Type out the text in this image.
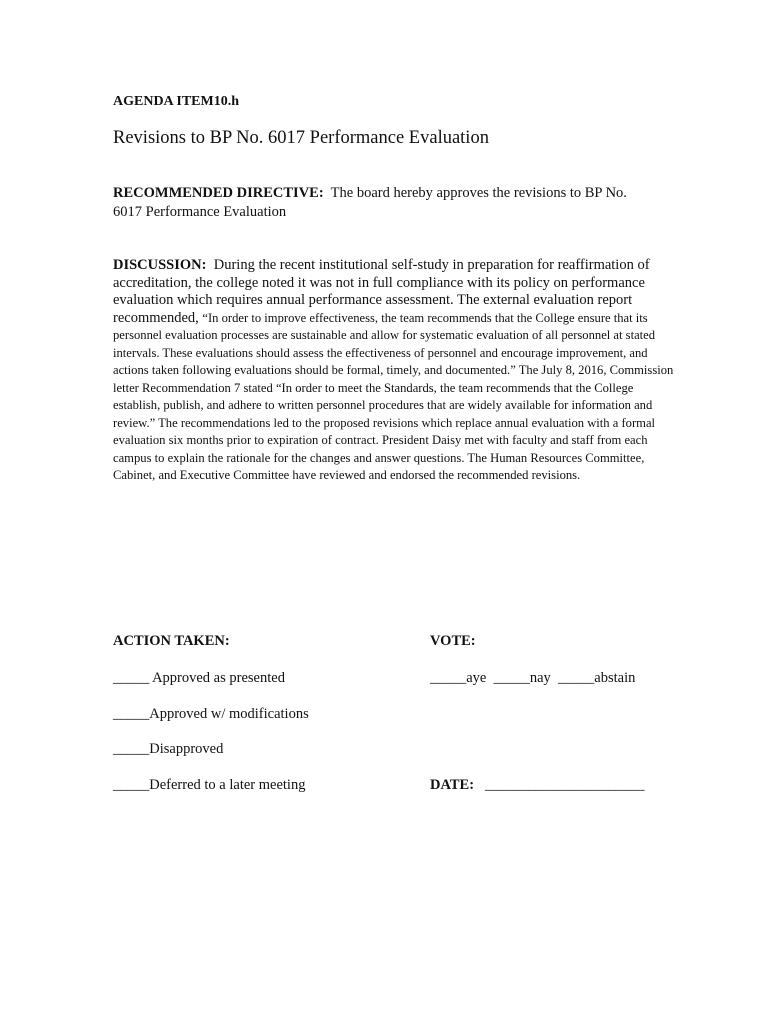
AGENDA ITEM10.h
Revisions to BP No. 6017 Performance Evaluation
RECOMMENDED DIRECTIVE: The board hereby approves the revisions to BP No.
6017 Performance Evaluation
DISCUSSION: During the recent institutional self-study in preparation for reaffirmation of accreditation, the college noted it was not in full compliance with its policy on performance evaluation which requires annual performance assessment. The external evaluation report recommended, “In order to improve effectiveness, the team recommends that the College ensure that its personnel evaluation processes are sustainable and allow for systematic evaluation of all personnel at stated intervals. These evaluations should assess the effectiveness of personnel and encourage improvement, and actions taken following evaluations should be formal, timely, and documented.” The July 8, 2016, Commission letter Recommendation 7 stated “In order to meet the Standards, the team recommends that the College establish, publish, and adhere to written personnel procedures that are widely available for information and review.” The recommendations led to the proposed revisions which replace annual evaluation with a formal evaluation six months prior to expiration of contract. President Daisy met with faculty and staff from each campus to explain the rationale for the changes and answer questions. The Human Resources Committee, Cabinet, and Executive Committee have reviewed and endorsed the recommended revisions.
ACTION TAKEN:	VOTE:
_____ Approved as presented	_____aye  _____nay  _____abstain
_____Approved w/ modifications
_____Disapproved
_____Deferred to a later meeting	DATE: ______________________
